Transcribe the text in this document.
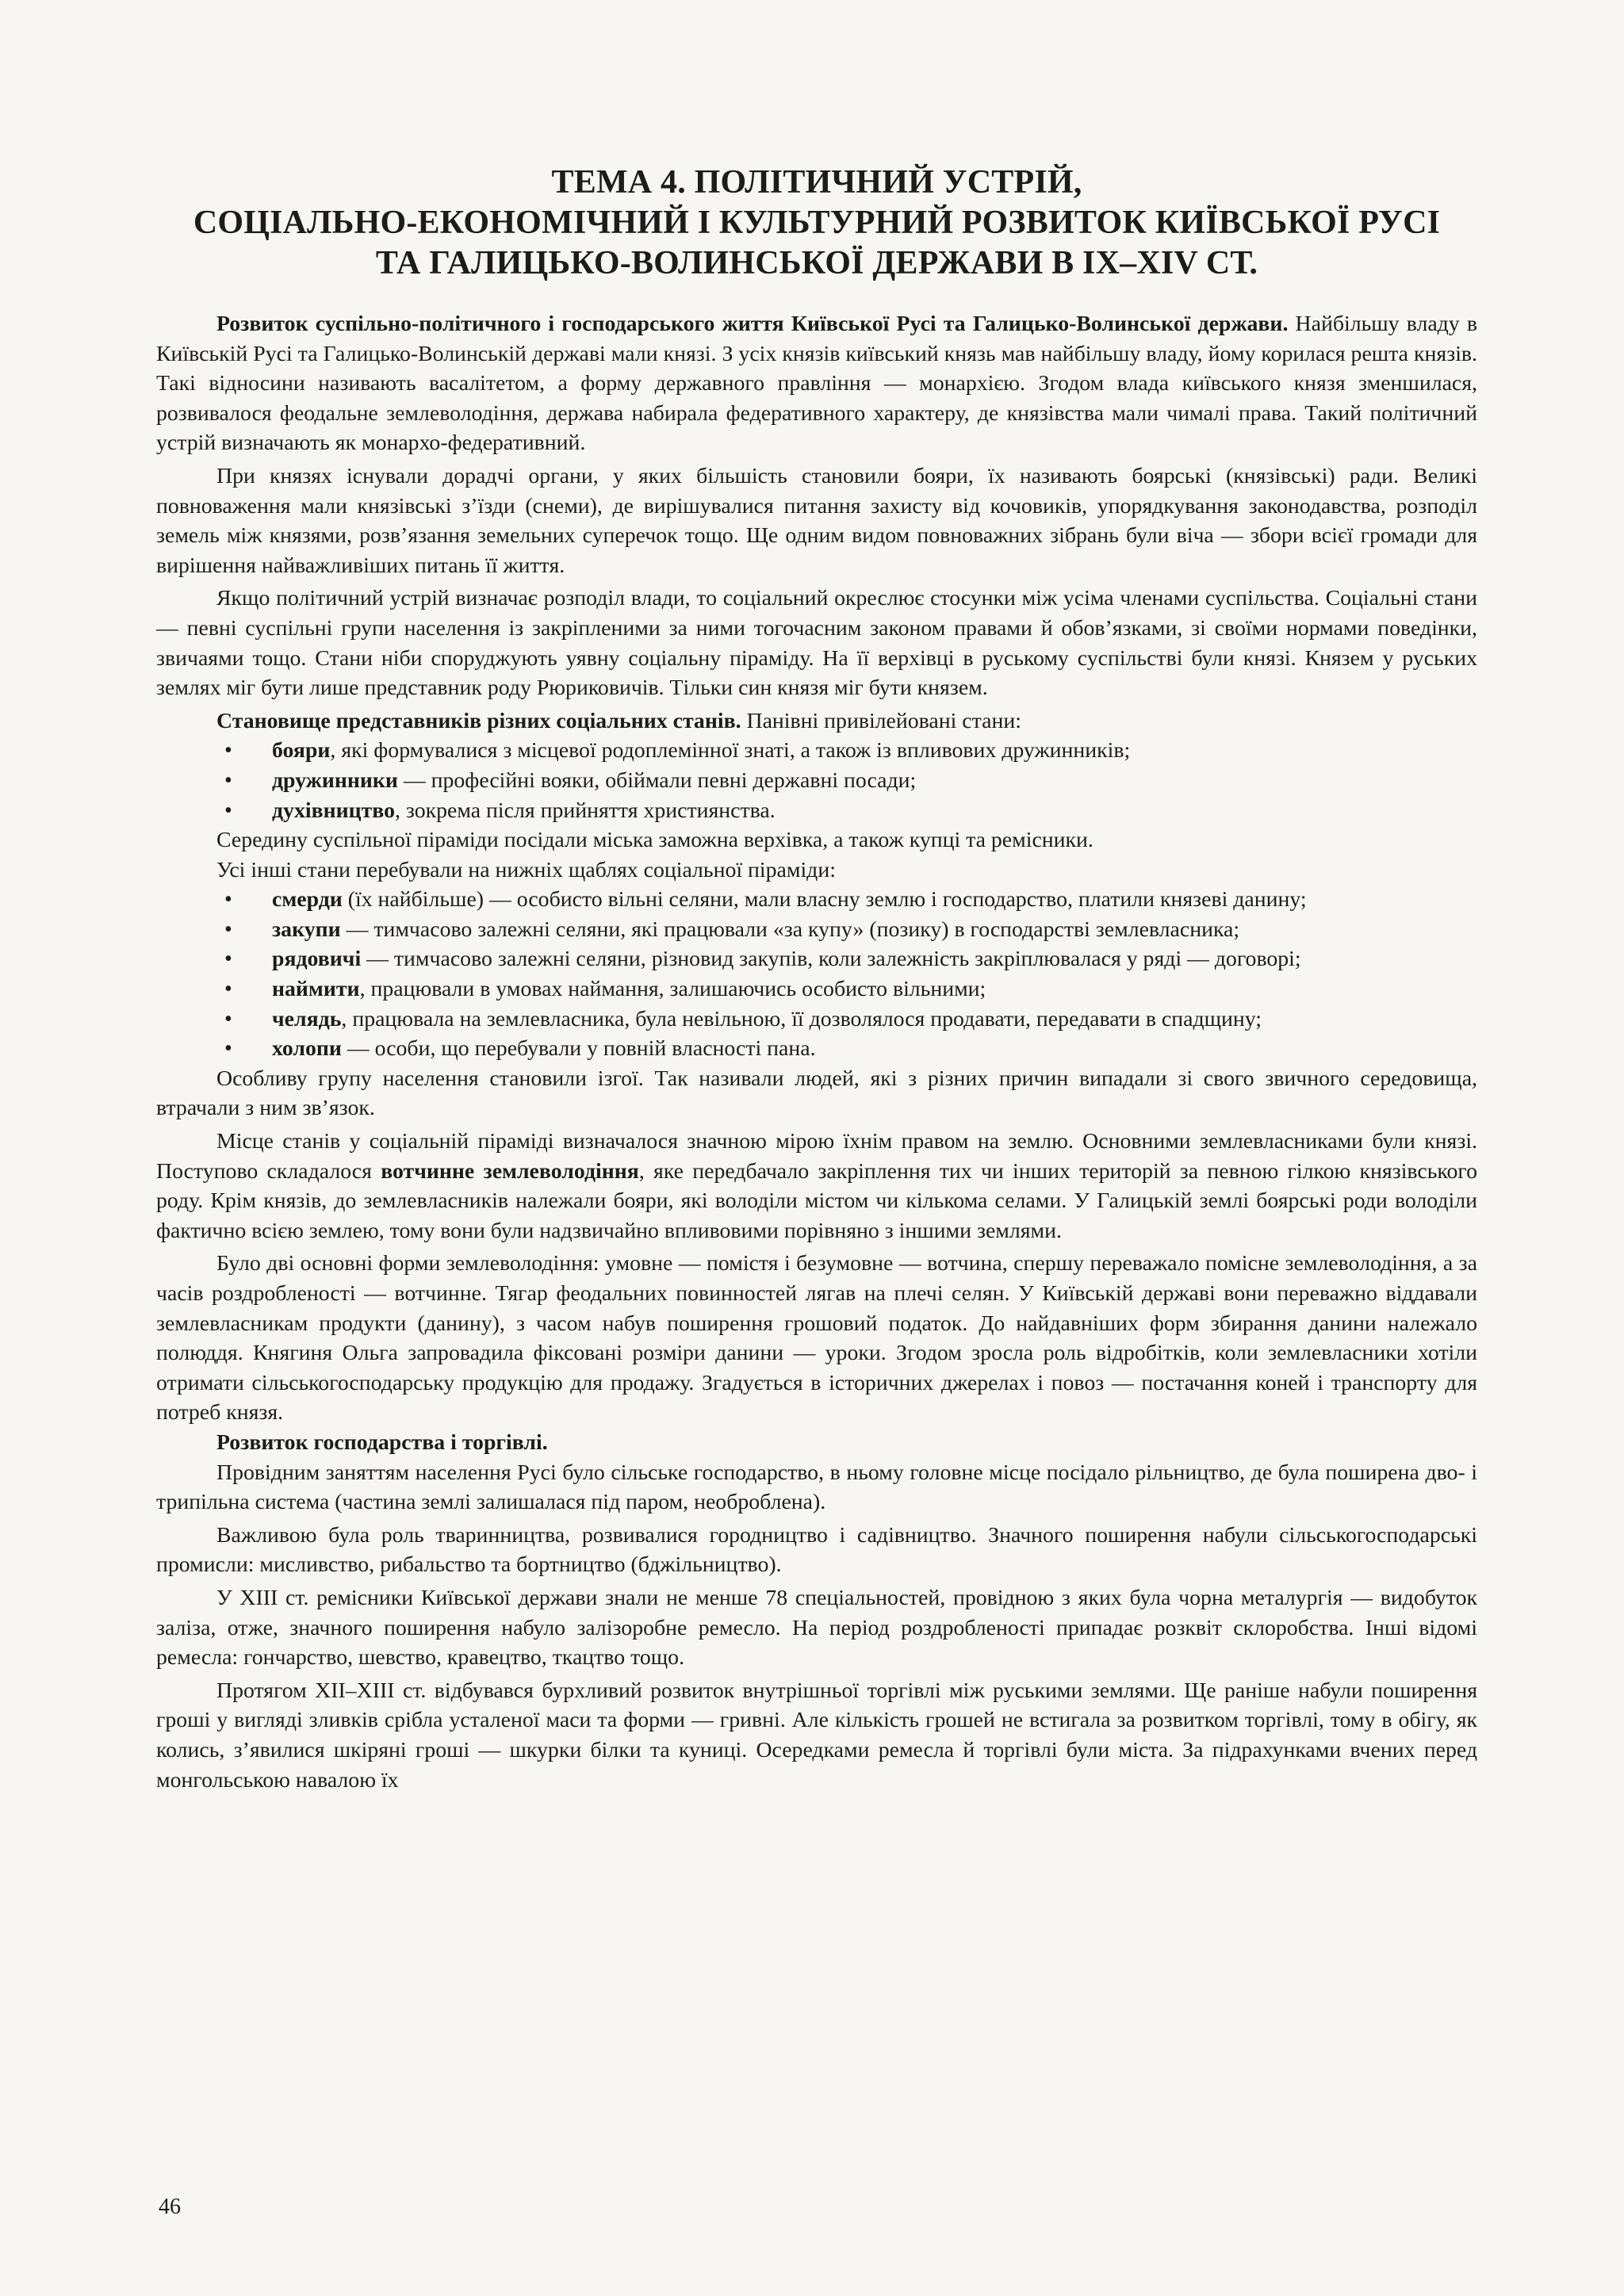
ТЕМА 4. ПОЛІТИЧНИЙ УСТРІЙ,
СОЦІАЛЬНО-ЕКОНОМІЧНИЙ І КУЛЬТУРНИЙ РОЗВИТОК КИЇВСЬКОЇ РУСІ
ТА ГАЛИЦЬКО-ВОЛИНСЬКОЇ ДЕРЖАВИ В IX–XIV СТ.

Розвиток суспільно-політичного і господарського життя Київської Русі та Галицько-Волинської держави. Найбільшу владу в Київській Русі та Галицько-Волинській державі мали князі. З усіх князів київський князь мав найбільшу владу, йому корилася решта князів. Такі відносини називають васалітетом, а форму державного правління — монархією. Згодом влада київського князя зменшилася, розвивалося феодальне землеволодіння, держава набирала федеративного характеру, де князівства мали чималі права. Такий політичний устрій визначають як монархо-федеративний.

При князях існували дорадчі органи, у яких більшість становили бояри, їх називають боярські (князівські) ради. Великі повноваження мали князівські з’їзди (снеми), де вирішувалися питання захисту від кочовиків, упорядкування законодавства, розподіл земель між князями, розв’язання земельних суперечок тощо. Ще одним видом повноважних зібрань були віча — збори всієї громади для вирішення найважливіших питань її життя.

Якщо політичний устрій визначає розподіл влади, то соціальний окреслює стосунки між усіма членами суспільства. Соціальні стани — певні суспільні групи населення із закріпленими за ними тогочасним законом правами й обов’язками, зі своїми нормами поведінки, звичаями тощо. Стани ніби споруджують уявну соціальну піраміду. На її верхівці в руському суспільстві були князі. Князем у руських землях міг бути лише представник роду Рюриковичів. Тільки син князя міг бути князем.

Становище представників різних соціальних станів. Панівні привілейовані стани:

• бояри, які формувалися з місцевої родоплемінної знаті, а також із впливових дружинників;
• дружинники — професійні вояки, обіймали певні державні посади;
• духівництво, зокрема після прийняття християнства.

Середину суспільної піраміди посідали міська заможна верхівка, а також купці та ремісники.

Усі інші стани перебували на нижніх щаблях соціальної піраміди:

• смерди (їх найбільше) — особисто вільні селяни, мали власну землю і господарство, платили князеві данину;
• закупи — тимчасово залежні селяни, які працювали «за купу» (позику) в господарстві землевласника;
• рядовичі — тимчасово залежні селяни, різновид закупів, коли залежність закріплювалася у ряді — договорі;
• наймити, працювали в умовах наймання, залишаючись особисто вільними;
• челядь, працювала на землевласника, була невільною, її дозволялося продавати, передавати в спадщину;
• холопи — особи, що перебували у повній власності пана.

Особливу групу населення становили ізгої. Так називали людей, які з різних причин випадали зі свого звичного середовища, втрачали з ним зв’язок.

Місце станів у соціальній піраміді визначалося значною мірою їхнім правом на землю. Основними землевласниками були князі. Поступово складалося вотчинне землеволодіння, яке передбачало закріплення тих чи інших територій за певною гілкою князівського роду. Крім князів, до землевласників належали бояри, які володіли містом чи кількома селами. У Галицькій землі боярські роди володіли фактично всією землею, тому вони були надзвичайно впливовими порівняно з іншими землями.

Було дві основні форми землеволодіння: умовне — помістя і безумовне — вотчина, спершу переважало помісне землеволодіння, а за часів роздробленості — вотчинне. Тягар феодальних повинностей лягав на плечі селян. У Київській державі вони переважно віддавали землевласникам продукти (данину), з часом набув поширення грошовий податок. До найдавніших форм збирання данини належало полюддя. Княгиня Ольга запровадила фіксовані розміри данини — уроки. Згодом зросла роль відробітків, коли землевласники хотіли отримати сільськогосподарську продукцію для продажу. Згадується в історичних джерелах і повоз — постачання коней і транспорту для потреб князя.

Розвиток господарства і торгівлі.

Провідним заняттям населення Русі було сільське господарство, в ньому головне місце посідало рільництво, де була поширена дво- і трипільна система (частина землі залишалася під паром, необроблена).

Важливою була роль тваринництва, розвивалися городництво і садівництво. Значного поширення набули сільськогосподарські промисли: мисливство, рибальство та бортництво (бджільництво).

У XIII ст. ремісники Київської держави знали не менше 78 спеціальностей, провідною з яких була чорна металургія — видобуток заліза, отже, значного поширення набуло залізоробне ремесло. На період роздробленості припадає розквіт склоробства. Інші відомі ремесла: гончарство, шевство, кравецтво, ткацтво тощо.

Протягом XII–XIII ст. відбувався бурхливий розвиток внутрішньої торгівлі між руськими землями. Ще раніше набули поширення гроші у вигляді зливків срібла усталеної маси та форми — гривні. Але кількість грошей не встигала за розвитком торгівлі, тому в обігу, як колись, з’явилися шкіряні гроші — шкурки білки та куниці. Осередками ремесла й торгівлі були міста. За підрахунками вчених перед монгольською навалою їх

46
